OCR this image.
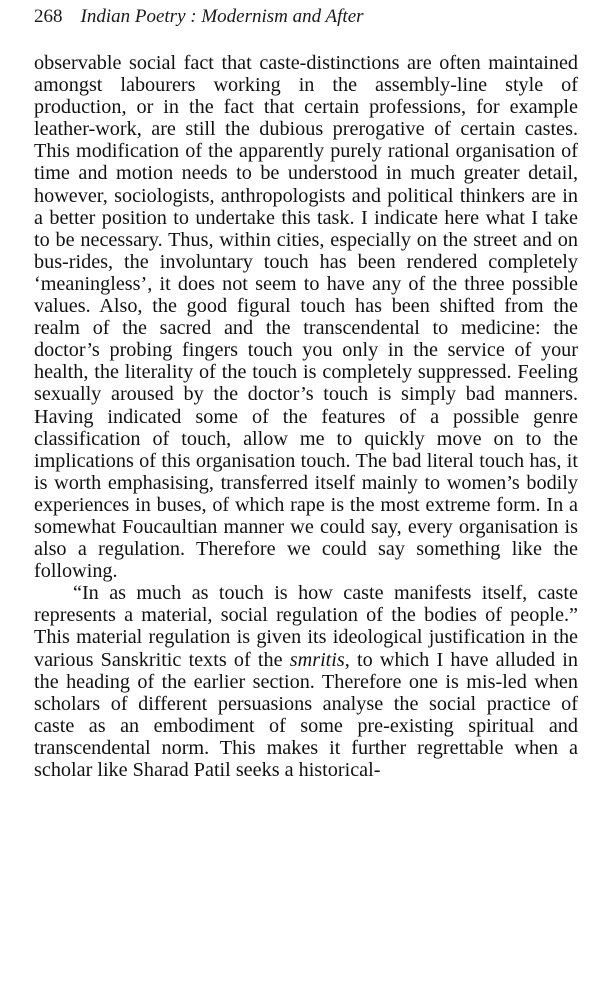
268 Indian Poetry : Modernism and After

observable social fact that caste-distinctions are often maintained amongst labourers working in the assembly-line style of production, or in the fact that certain professions, for example leather-work, are still the dubious prerogative of certain castes. This modification of the apparently purely rational organisation of time and motion needs to be understood in much greater detail, however, sociologists, anthropologists and political thinkers are in a better position to undertake this task. I indicate here what I take to be necessary. Thus, within cities, especially on the street and on bus-rides, the involuntary touch has been rendered completely ‘meaningless’, it does not seem to have any of the three possible values. Also, the good figural touch has been shifted from the realm of the sacred and the transcendental to medicine: the doctor’s probing fingers touch you only in the service of your health, the literality of the touch is completely suppressed. Feeling sexually aroused by the doctor’s touch is simply bad manners. Having indicated some of the features of a possible genre classification of touch, allow me to quickly move on to the implications of this organisation touch. The bad literal touch has, it is worth emphasising, transferred itself mainly to women’s bodily experiences in buses, of which rape is the most extreme form. In a somewhat Foucaultian manner we could say, every organisation is also a regulation. Therefore we could say something like the following.

“In as much as touch is how caste manifests itself, caste represents a material, social regulation of the bodies of people.” This material regulation is given its ideological justification in the various Sanskritic texts of the smritis, to which I have alluded in the heading of the earlier section. Therefore one is mis-led when scholars of different persuasions analyse the social practice of caste as an embodiment of some pre-existing spiritual and transcendental norm. This makes it further regrettable when a scholar like Sharad Patil seeks a historical-
